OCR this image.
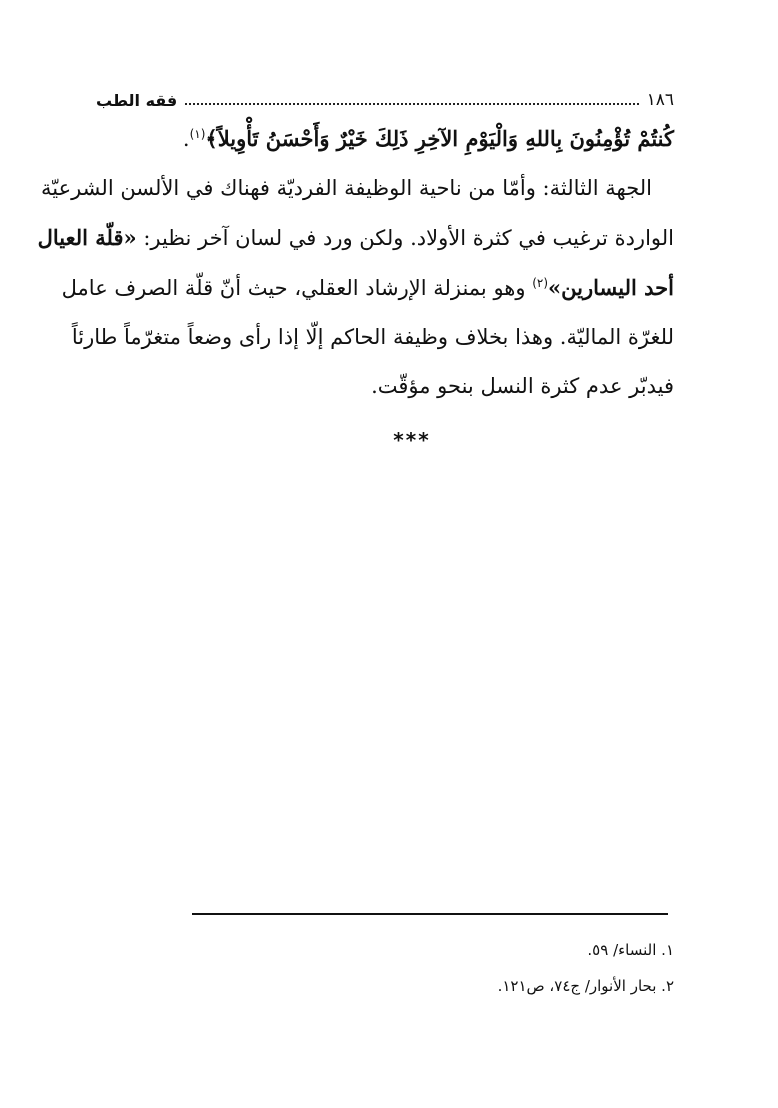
١٨٦
فقه الطب
كُنتُمْ تُؤْمِنُونَ بِاللهِ وَالْيَوْمِ الآخِرِ ذَلِكَ خَيْرٌ وَأَحْسَنُ تَأْوِيلاً﴾$^{(١)}$.
الجهة الثالثة: وأمّا من ناحية الوظيفة الفرديّة فهناك في الألسن الشرعيّة
الواردة ترغيب في كثرة الأولاد. ولكن ورد في لسان آخر نظير: «قلّة العيال
أحد اليسارين»$^{(٢)}$ وهو بمنزلة الإرشاد العقلي، حيث أنّ قلّة الصرف عامل
للغرّة الماليّة. وهذا بخلاف وظيفة الحاكم إلّا إذا رأى وضعاً متغرّماً طارئاً
فيدبّر عدم كثرة النسل بنحو مؤقّت.
***
١. النساء/ ٥٩.
٢. بحار الأنوار/ ج٧٤، ص١٢١.
